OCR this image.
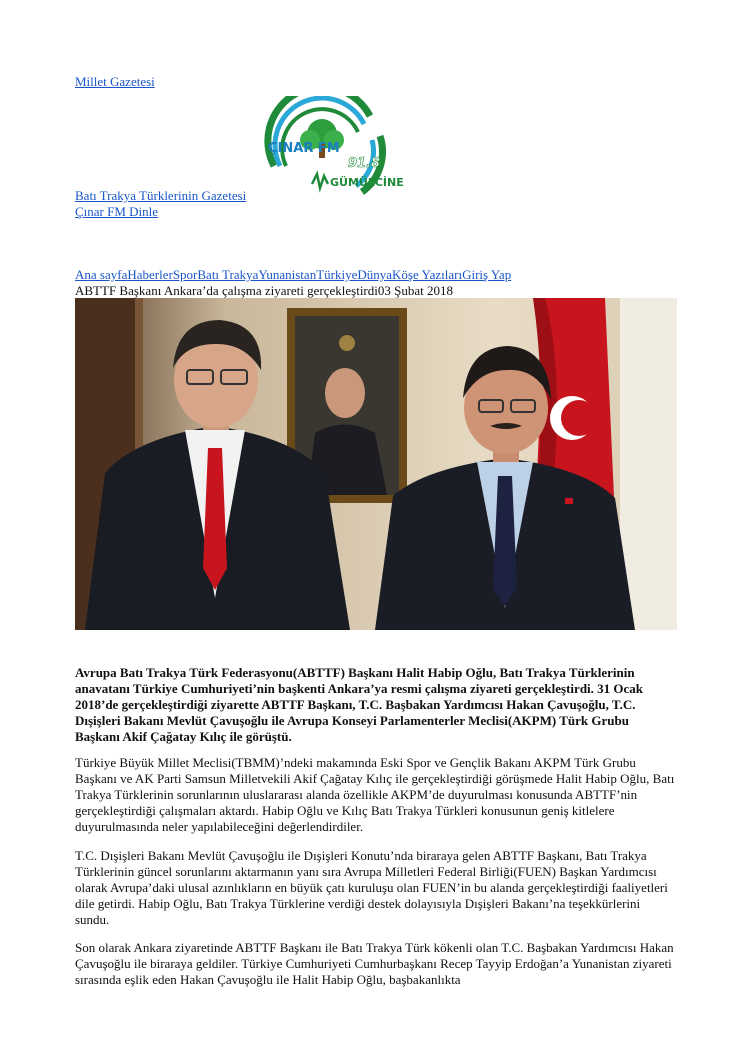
Millet Gazetesi
ÇINAR FM
91.8
GÜMÜLCİNE
Batı Trakya Türklerinin Gazetesi
Çınar FM Dinle
Ana sayfaHaberlerSporBatı TrakyaYunanistanTürkiyeDünyaKöşe YazılarıGiriş Yap
ABTTF Başkanı Ankara’da çalışma ziyareti gerçekleştirdi03 Şubat 2018

Avrupa Batı Trakya Türk Federasyonu(ABTTF) Başkanı Halit Habip Oğlu, Batı Trakya Türklerinin anavatanı Türkiye Cumhuriyeti’nin başkenti Ankara’ya resmi çalışma ziyareti gerçekleştirdi. 31 Ocak 2018’de gerçekleştirdiği ziyarette ABTTF Başkanı, T.C. Başbakan Yardımcısı Hakan Çavuşoğlu, T.C. Dışişleri Bakanı Mevlüt Çavuşoğlu ile Avrupa Konseyi Parlamenterler Meclisi(AKPM) Türk Grubu Başkanı Akif Çağatay Kılıç ile görüştü.

Türkiye Büyük Millet Meclisi(TBMM)’ndeki makamında Eski Spor ve Gençlik Bakanı AKPM Türk Grubu Başkanı ve AK Parti Samsun Milletvekili Akif Çağatay Kılıç ile gerçekleştirdiği görüşmede Halit Habip Oğlu, Batı Trakya Türklerinin sorunlarının uluslararası alanda özellikle AKPM’de duyurulması konusunda ABTTF’nin gerçekleştirdiği çalışmaları aktardı. Habip Oğlu ve Kılıç Batı Trakya Türkleri konusunun geniş kitlelere duyurulmasında neler yapılabileceğini değerlendirdiler.

T.C. Dışişleri Bakanı Mevlüt Çavuşoğlu ile Dışişleri Konutu’nda biraraya gelen ABTTF Başkanı, Batı Trakya Türklerinin güncel sorunlarını aktarmanın yanı sıra Avrupa Milletleri Federal Birliği(FUEN) Başkan Yardımcısı olarak Avrupa’daki ulusal azınlıkların en büyük çatı kuruluşu olan FUEN’in bu alanda gerçekleştirdiği faaliyetleri dile getirdi. Habip Oğlu, Batı Trakya Türklerine verdiği destek dolayısıyla Dışişleri Bakanı’na teşekkürlerini sundu.

Son olarak Ankara ziyaretinde ABTTF Başkanı ile Batı Trakya Türk kökenli olan T.C. Başbakan Yardımcısı Hakan Çavuşoğlu ile biraraya geldiler. Türkiye Cumhuriyeti Cumhurbaşkanı Recep Tayyip Erdoğan’a Yunanistan ziyareti sırasında eşlik eden Hakan Çavuşoğlu ile Halit Habip Oğlu, başbakanlıkta
